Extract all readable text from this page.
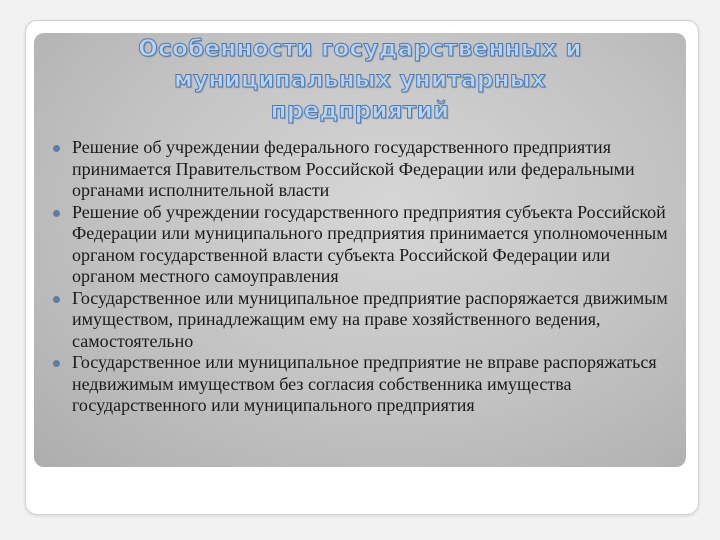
Особенности государственных и
муниципальных унитарных
предприятий
Решение об учреждении федерального государственного предприятия принимается Правительством Российской Федерации или федеральными органами исполнительной власти
Решение об учреждении государственного предприятия субъекта Российской Федерации или муниципального предприятия принимается уполномоченным органом государственной власти субъекта Российской Федерации или органом местного самоуправления
Государственное или муниципальное предприятие распоряжается движимым имуществом, принадлежащим ему на праве хозяйственного ведения, самостоятельно
Государственное или муниципальное предприятие не вправе распоряжаться недвижимым имуществом без согласия собственника имущества государственного или муниципального предприятия
